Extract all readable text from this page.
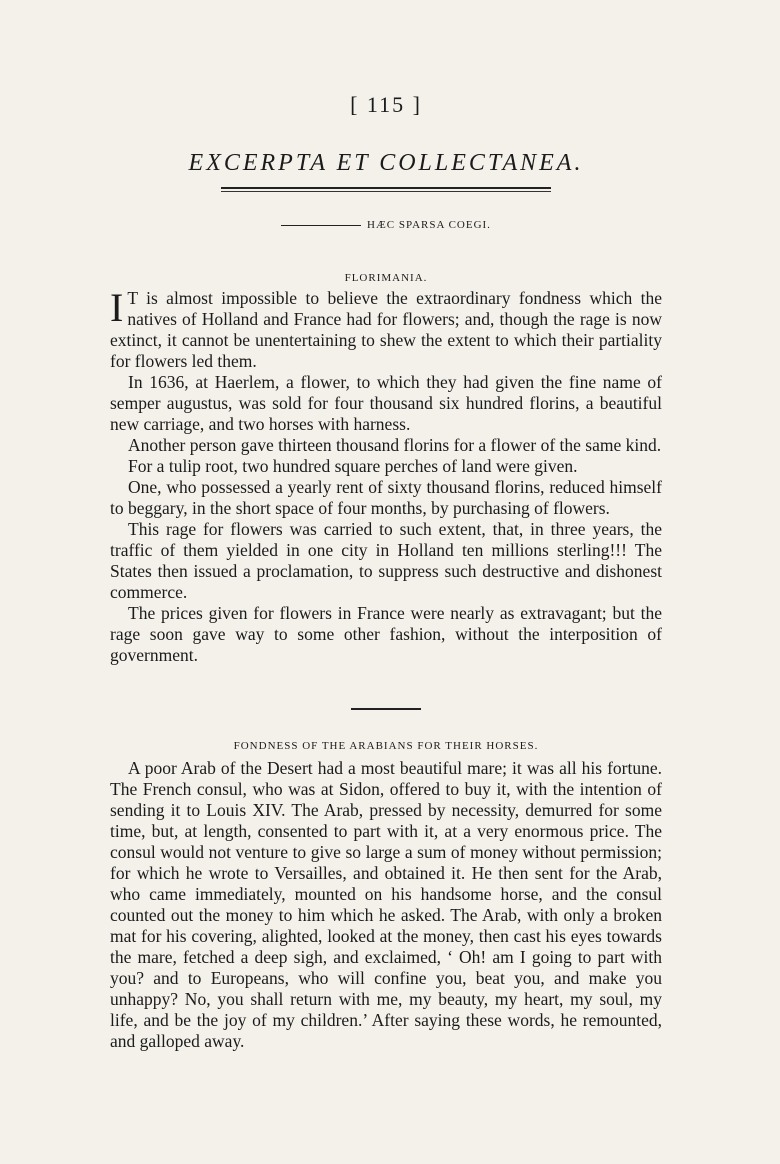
[ 115 ]
EXCERPTA ET COLLECTANEA.
HÆC SPARSA COEGI.
FLORIMANIA.

I T is almost impossible to believe the extraordinary fondness which the natives of Holland and France had for flowers; and, though the rage is now extinct, it cannot be unentertaining to shew the extent to which their partiality for flowers led them.

In 1636, at Haerlem, a flower, to which they had given the fine name of semper augustus, was sold for four thousand six hundred florins, a beautiful new carriage, and two horses with harness.

Another person gave thirteen thousand florins for a flower of the same kind.

For a tulip root, two hundred square perches of land were given.

One, who possessed a yearly rent of sixty thousand florins, reduced himself to beggary, in the short space of four months, by purchasing of flowers.

This rage for flowers was carried to such extent, that, in three years, the traffic of them yielded in one city in Holland ten millions sterling!!! The States then issued a proclamation, to suppress such destructive and dishonest commerce.

The prices given for flowers in France were nearly as extravagant; but the rage soon gave way to some other fashion, without the interposition of government.

FONDNESS OF THE ARABIANS FOR THEIR HORSES.

A poor Arab of the Desert had a most beautiful mare; it was all his fortune. The French consul, who was at Sidon, offered to buy it, with the intention of sending it to Louis XIV. The Arab, pressed by necessity, demurred for some time, but, at length, consented to part with it, at a very enormous price. The consul would not venture to give so large a sum of money without permission; for which he wrote to Versailles, and obtained it. He then sent for the Arab, who came immediately, mounted on his handsome horse, and the consul counted out the money to him which he asked. The Arab, with only a broken mat for his covering, alighted, looked at the money, then cast his eyes towards the mare, fetched a deep sigh, and exclaimed, ‘ Oh! am I going to part with you? and to Europeans, who will confine you, beat you, and make you unhappy? No, you shall return with me, my beauty, my heart, my soul, my life, and be the joy of my children.’ After saying these words, he remounted, and galloped away.
